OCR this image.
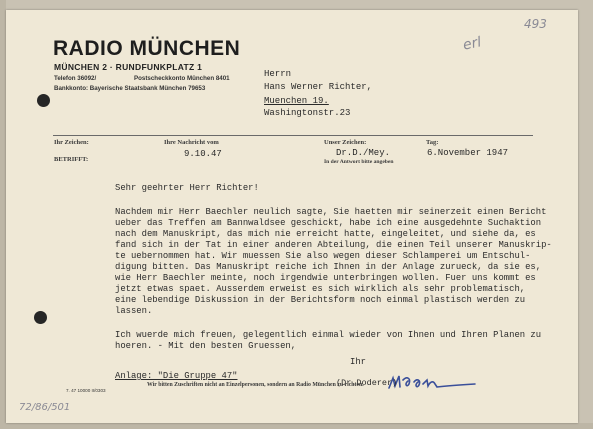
RADIO MÜNCHEN
MÜNCHEN 2 · RUNDFUNKPLATZ 1
Telefon 36092/	Postscheckkonto München 8401
Bankkonto: Bayerische Staatsbank München 79653
Herrn
Hans Werner Richter,
Muenchen 19.
Washingtonstr.23
493
erl
Ihr Zeichen:
BETRIFFT:
Ihre Nachricht vom
9.10.47
Unser Zeichen:
Dr.D./Mey.
In der Antwort bitte angeben
Tag:
6.November 1947
Sehr geehrter Herr Richter!
Nachdem mir Herr Baechler neulich sagte, Sie haetten mir seinerzeit einen Bericht
ueber das Treffen am Bannwaldsee geschickt, habe ich eine ausgedehnte Suchaktion
nach dem Manuskript, das mich nie erreicht hatte, eingeleitet, und siehe da, es
fand sich in der Tat in einer anderen Abteilung, die einen Teil unserer Manuskrip-
te uebernommen hat. Wir muessen Sie also wegen dieser Schlamperei um Entschul-
digung bitten. Das Manuskript reiche ich Ihnen in der Anlage zurueck, da sie es,
wie Herr Baechler meinte, noch irgendwie unterbringen wollen. Fuer uns kommt es
jetzt etwas spaet. Ausserdem erweist es sich wirklich als sehr problematisch,
eine lebendige Diskussion in der Berichtsform noch einmal plastisch werden zu
lassen.
Ich wuerde mich freuen, gelegentlich einmal wieder von Ihnen und Ihren Planen zu
hoeren. - Mit den besten Gruessen,
Ihr
(Dr.Doderer)
Anlage: "Die Gruppe 47"
7. 47 10000 II/0303
Wir bitten Zuschriften nicht an Einzelpersonen, sondern an Radio München zu richten.
72/86/501
